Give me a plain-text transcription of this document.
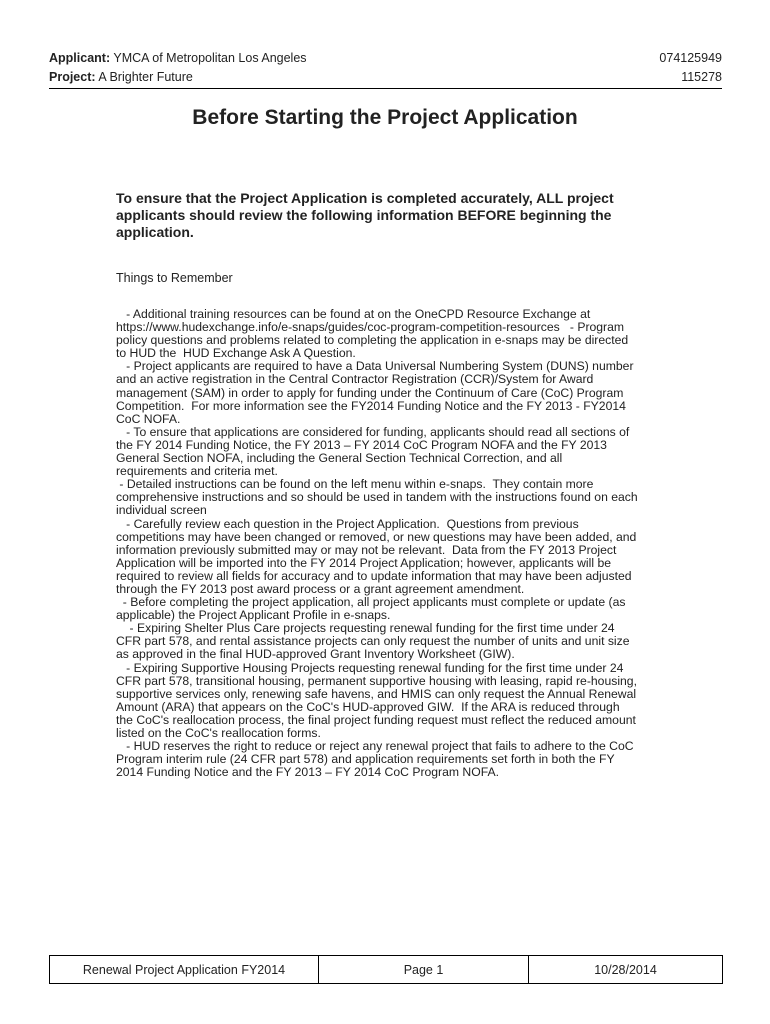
Applicant: YMCA of Metropolitan Los Angeles	074125949
Project: A Brighter Future	115278
Before Starting the Project Application
To ensure that the Project Application is completed accurately, ALL project applicants should review the following information BEFORE beginning the application.
Things to Remember

- Additional training resources can be found at on the OneCPD Resource Exchange at

https://www.hudexchange.info/e-snaps/guides/coc-program-competition-resources   - Program

policy questions and problems related to completing the application in e-snaps may be directed

to HUD the  HUD Exchange Ask A Question.

- Project applicants are required to have a Data Universal Numbering System (DUNS) number

and an active registration in the Central Contractor Registration (CCR)/System for Award

management (SAM) in order to apply for funding under the Continuum of Care (CoC) Program

Competition.  For more information see the FY2014 Funding Notice and the FY 2013 - FY2014

CoC NOFA.

- To ensure that applications are considered for funding, applicants should read all sections of

the FY 2014 Funding Notice, the FY 2013 – FY 2014 CoC Program NOFA and the FY 2013

General Section NOFA, including the General Section Technical Correction, and all

requirements and criteria met.

- Detailed instructions can be found on the left menu within e-snaps.  They contain more

comprehensive instructions and so should be used in tandem with the instructions found on each

individual screen

- Carefully review each question in the Project Application.  Questions from previous

competitions may have been changed or removed, or new questions may have been added, and

information previously submitted may or may not be relevant.  Data from the FY 2013 Project

Application will be imported into the FY 2014 Project Application; however, applicants will be

required to review all fields for accuracy and to update information that may have been adjusted

through the FY 2013 post award process or a grant agreement amendment.

- Before completing the project application, all project applicants must complete or update (as

applicable) the Project Applicant Profile in e-snaps.

- Expiring Shelter Plus Care projects requesting renewal funding for the first time under 24

CFR part 578, and rental assistance projects can only request the number of units and unit size

as approved in the final HUD-approved Grant Inventory Worksheet (GIW).

- Expiring Supportive Housing Projects requesting renewal funding for the first time under 24

CFR part 578, transitional housing, permanent supportive housing with leasing, rapid re-housing,

supportive services only, renewing safe havens, and HMIS can only request the Annual Renewal

Amount (ARA) that appears on the CoC's HUD-approved GIW.  If the ARA is reduced through

the CoC's reallocation process, the final project funding request must reflect the reduced amount

listed on the CoC's reallocation forms.

- HUD reserves the right to reduce or reject any renewal project that fails to adhere to the CoC

Program interim rule (24 CFR part 578) and application requirements set forth in both the FY

2014 Funding Notice and the FY 2013 – FY 2014 CoC Program NOFA.

Renewal Project Application FY2014	Page 1	10/28/2014
